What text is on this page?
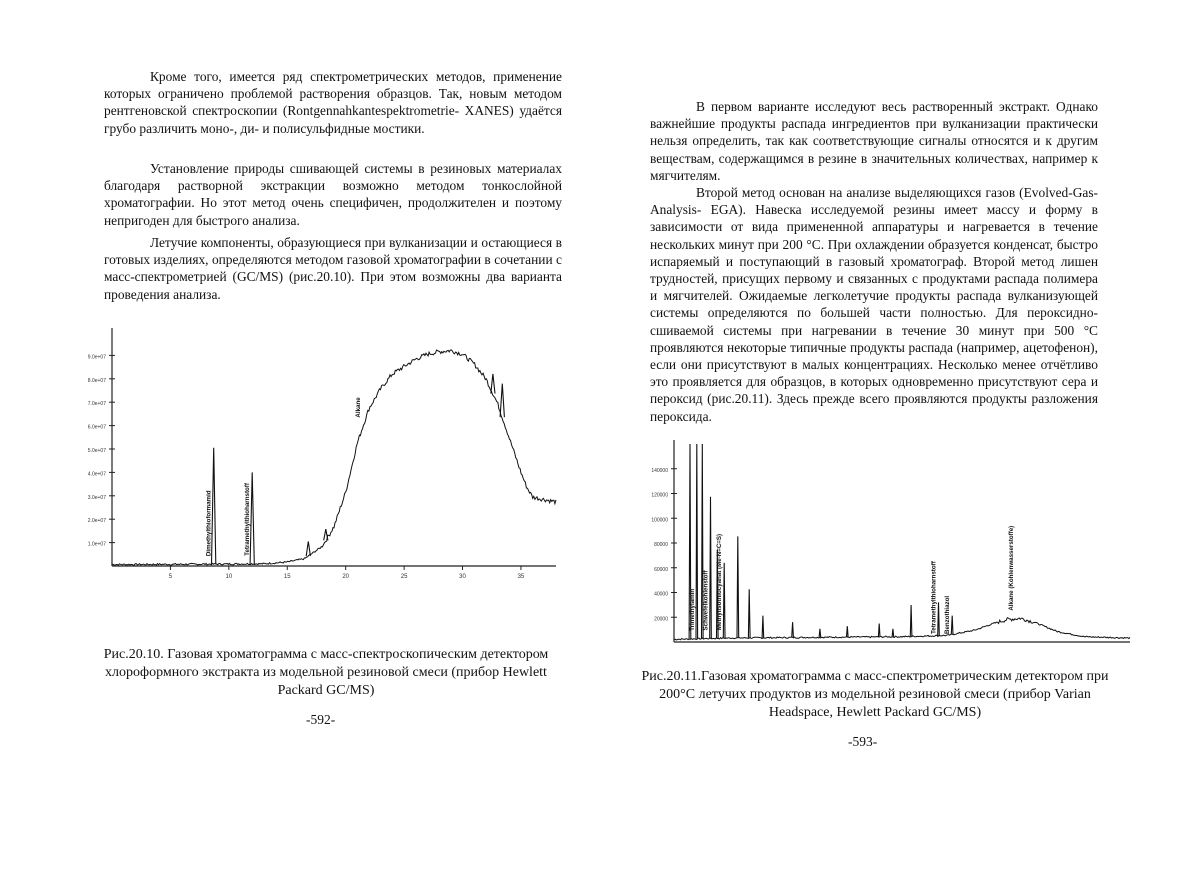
Кроме того, имеется ряд спектрометрических методов, применение которых ограничено проблемой растворения образцов. Так, новым методом рентгеновской спектроскопии (Rontgennahkantespektrometrie- XANES) удаётся грубо различить моно-, ди- и полисульфидные мостики.

Установление природы сшивающей системы в резиновых материалах благодаря растворной экстракции возможно методом тонкослойной хроматографии. Но этот метод очень специфичен, продолжителен и поэтому непригоден для быстрого анализа.

Летучие компоненты, образующиеся при вулканизации и остающиеся в готовых изделиях, определяются методом газовой хроматографии в сочетании с масс-спектрометрией (GC/MS) (рис.20.10). При этом возможны два варианта проведения анализа.

9.0e+07
8.0e+07
7.0e+07
6.0e+07
5.0e+07
4.0e+07
3.0e+07
2.0e+07
1.0e+07
5	10	15	20	25	30	35
Dimethylthioformamid	Tetramethylthioharnstoff
Alkane

Рис.20.10. Газовая хроматограмма с масс-спектроскопическим детектором хлороформного экстракта из модельной резиновой смеси (прибор Hewlett Packard GC/MS)

-592-

В первом варианте исследуют весь растворенный экстракт. Однако важнейшие продукты распада ингредиентов при вулканизации практически нельзя определить, так как соответствующие сигналы относятся и к другим веществам, содержащимся в резине в значительных количествах, например к мягчителям.

Второй метод основан на анализе выделяющихся газов (Evolved-Gas-Analysis- EGA). Навеска исследуемой резины имеет массу и форму в зависимости от вида примененной аппаратуры и нагревается в течение нескольких минут при 200 °С. При охлаждении образуется конденсат, быстро испаряемый и поступающий в газовый хроматограф. Второй метод лишен трудностей, присущих первому и связанных с продуктами распада полимера и мягчителей. Ожидаемые легколетучие продукты распада вулканизующей системы определяются по большей части полностью. Для пероксидно-сшиваемой системы при нагревании в течение 30 минут при 500 °С проявляются некоторые типичные продукты распада (например, ацетофенон), если они присутствуют в малых концентрациях. Несколько менее отчётливо это проявляется для образцов, в которых одновременно присутствуют сера и пероксид (рис.20.11). Здесь прежде всего проявляются продукты разложения пероксида.

140000
120000
100000
80000
60000
40000
20000	Trimethylamin Schwefelkohlenstoff Methylisothiocyanat (Me-N=C=S)	Tetramethylthioharnstoff Benzothiazol
Alkane (Kohlenwasserstoffe)

Рис.20.11.Газовая хроматограмма с масс-спектрометрическим детектором при 200°С летучих продуктов из модельной резиновой смеси (прибор Varian Headspace, Hewlett Packard GC/MS)

-593-
